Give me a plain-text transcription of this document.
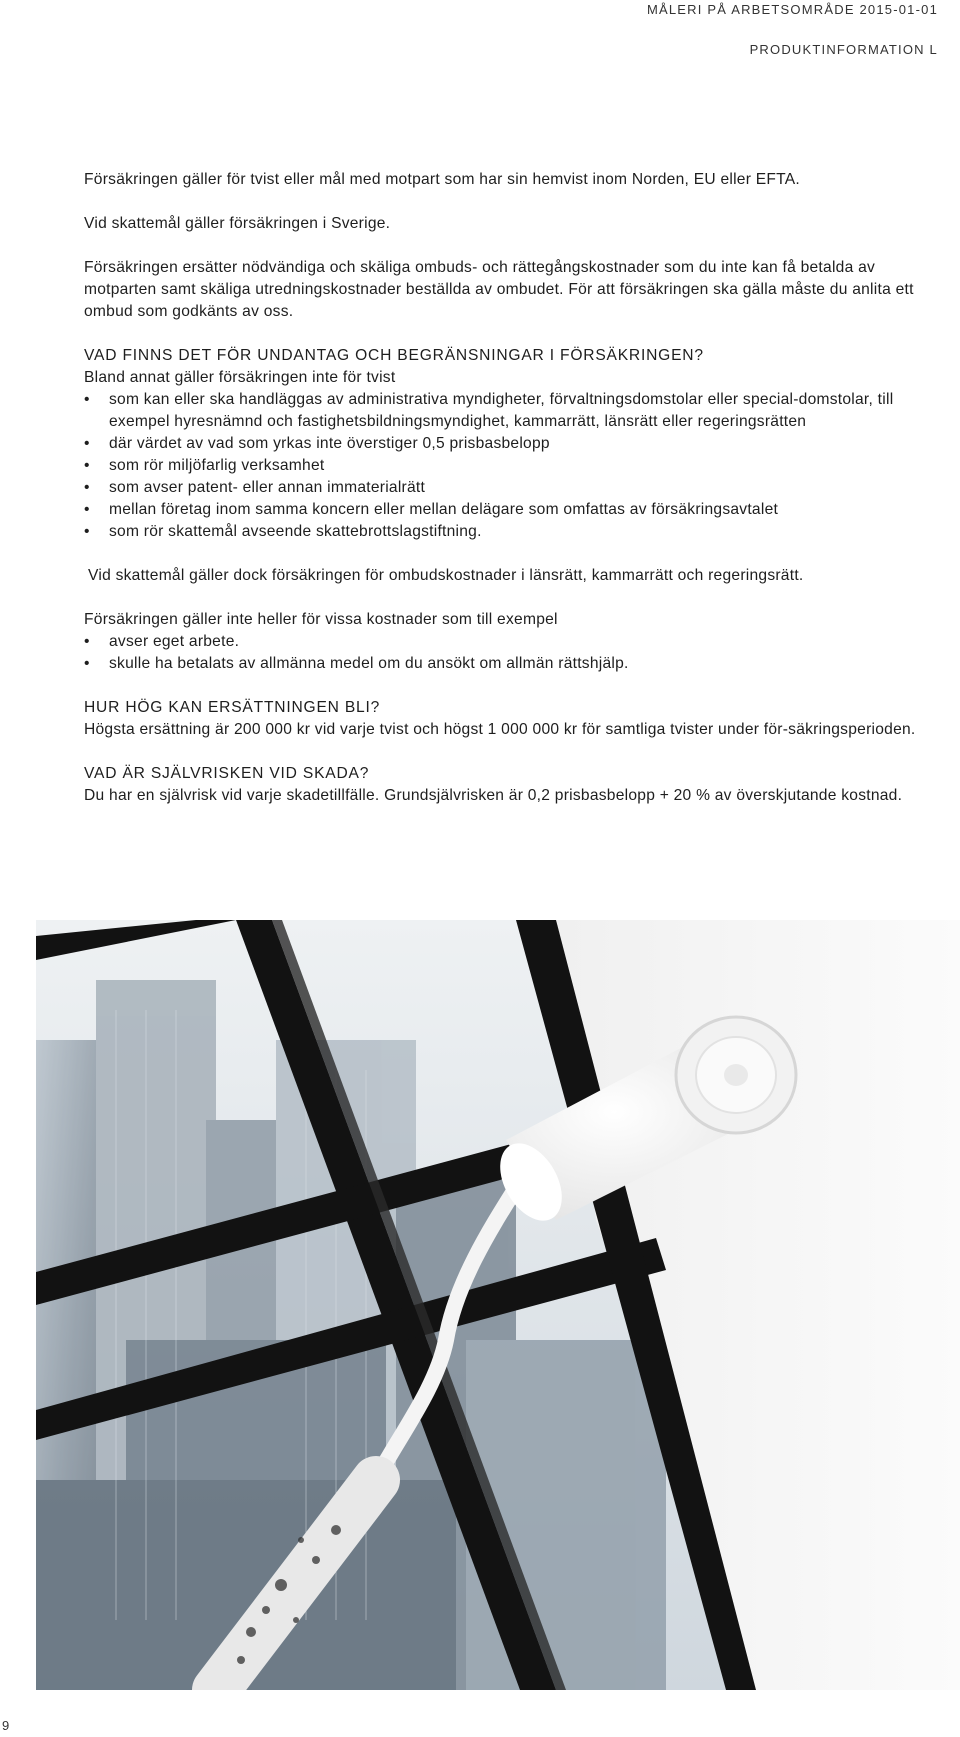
MÅLERI PÅ ARBETSOMRÅDE 2015-01-01
PRODUKTINFORMATION L

Försäkringen gäller för tvist eller mål med motpart som har sin hemvist inom Norden, EU eller EFTA.

Vid skattemål gäller försäkringen i Sverige.

Försäkringen ersätter nödvändiga och skäliga ombuds- och rättegångskostnader som du inte kan få betalda av motparten samt skäliga utredningskostnader beställda av ombudet. För att försäkringen ska gälla måste du anlita ett ombud som godkänts av oss.

VAD FINNS DET FÖR UNDANTAG OCH BEGRÄNSNINGAR I FÖRSÄKRINGEN?

Bland annat gäller försäkringen inte för tvist

• som kan eller ska handläggas av administrativa myndigheter, förvaltningsdomstolar eller special-domstolar, till exempel hyresnämnd och fastighetsbildningsmyndighet, kammarrätt, länsrätt eller regeringsrätten
• där värdet av vad som yrkas inte överstiger 0,5 prisbasbelopp
• som rör miljöfarlig verksamhet
• som avser patent- eller annan immaterialrätt
• mellan företag inom samma koncern eller mellan delägare som omfattas av försäkringsavtalet
• som rör skattemål avseende skattebrottslagstiftning.

Vid skattemål gäller dock försäkringen för ombudskostnader i länsrätt, kammarrätt och regeringsrätt.

Försäkringen gäller inte heller för vissa kostnader som till exempel

• avser eget arbete.
• skulle ha betalats av allmänna medel om du ansökt om allmän rättshjälp.

HUR HÖG KAN ERSÄTTNINGEN BLI?

Högsta ersättning är 200 000 kr vid varje tvist och högst 1 000 000 kr för samtliga tvister under för-säkringsperioden.

VAD ÄR SJÄLVRISKEN VID SKADA?

Du har en självrisk vid varje skadetillfälle. Grundsjälvrisken är 0,2 prisbasbelopp + 20 % av överskjutande kostnad.

9
